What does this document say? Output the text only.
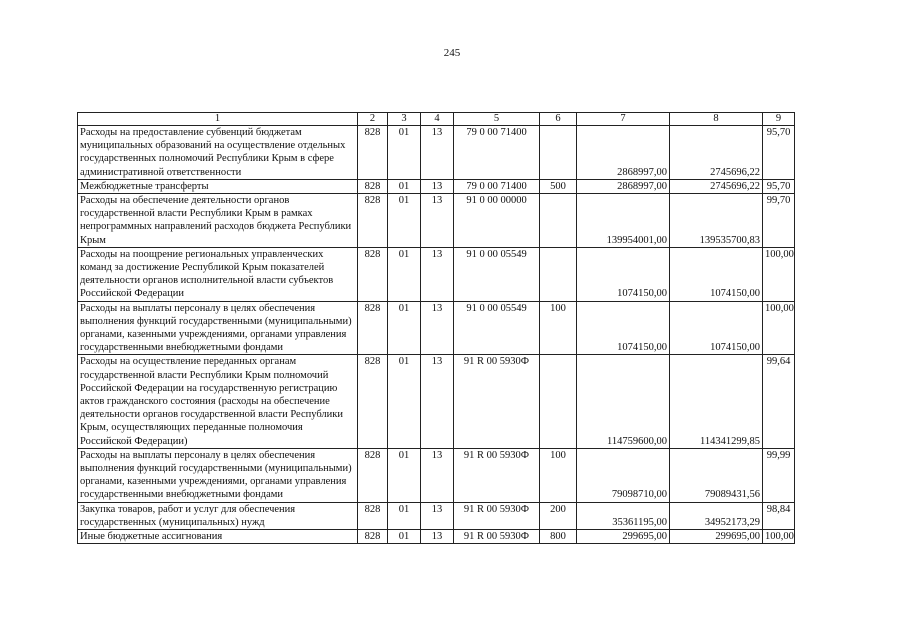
245
1	2	3	4	5	6	7	8	9
Расходы на предоставление субвенций бюджетам муниципальных образований на осуществление отдельных государственных полномочий Республики Крым в сфере административной ответственности	828	01	13	79 0 00 71400		2868997,00	2745696,22	95,70
Межбюджетные трансферты	828	01	13	79 0 00 71400	500	2868997,00	2745696,22	95,70
Расходы на обеспечение деятельности органов государственной власти Республики Крым в рамках непрограммных направлений расходов бюджета Республики Крым	828	01	13	91 0 00 00000		139954001,00	139535700,83	99,70
Расходы на поощрение региональных управленческих команд за достижение Республикой Крым показателей деятельности органов исполнительной власти субъектов Российской Федерации	828	01	13	91 0 00 05549		1074150,00	1074150,00	100,00
Расходы на выплаты персоналу в целях обеспечения выполнения функций государственными (муниципальными) органами, казенными учреждениями, органами управления государственными внебюджетными фондами	828	01	13	91 0 00 05549	100	1074150,00	1074150,00	100,00
Расходы на осуществление переданных органам государственной власти Республики Крым полномочий Российской Федерации на государственную регистрацию актов гражданского состояния (расходы на обеспечение деятельности органов государственной власти Республики Крым, осуществляющих переданные полномочия Российской Федерации)	828	01	13	91 R 00 5930Ф		114759600,00	114341299,85	99,64
Расходы на выплаты персоналу в целях обеспечения выполнения функций государственными (муниципальными) органами, казенными учреждениями, органами управления государственными внебюджетными фондами	828	01	13	91 R 00 5930Ф	100	79098710,00	79089431,56	99,99
Закупка товаров, работ и услуг для обеспечения государственных (муниципальных) нужд	828	01	13	91 R 00 5930Ф	200	35361195,00	34952173,29	98,84
Иные бюджетные ассигнования	828	01	13	91 R 00 5930Ф	800	299695,00	299695,00	100,00
